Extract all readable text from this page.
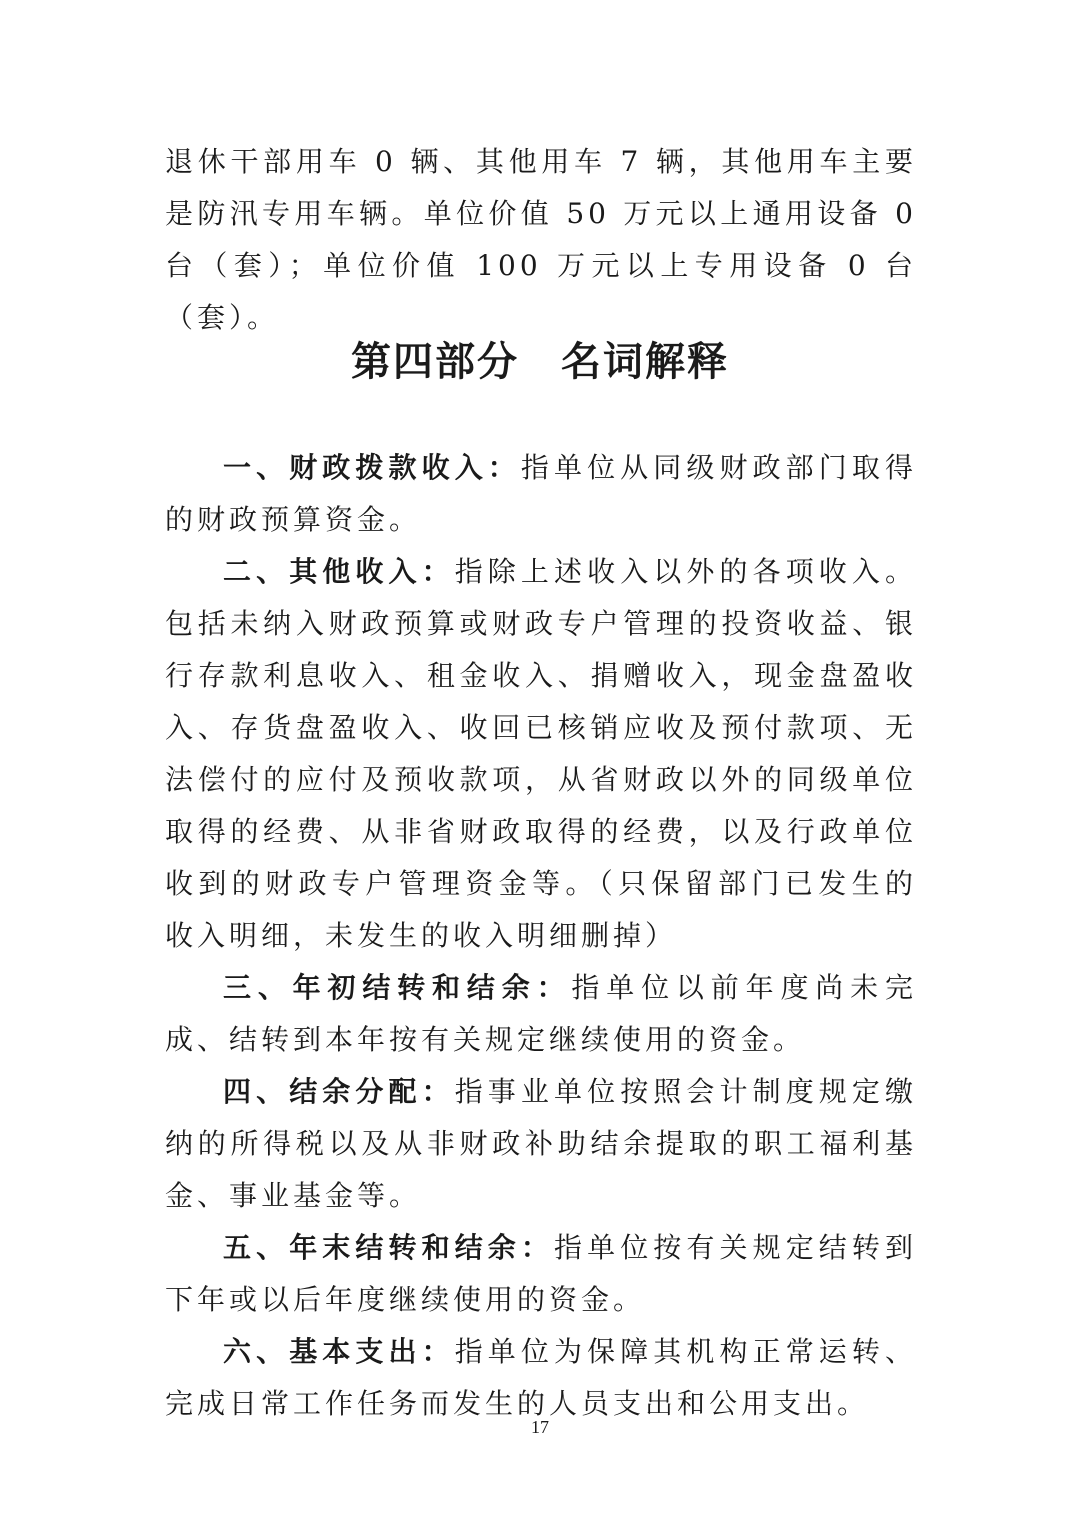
退休干部用车 0 辆、其他用车 7 辆，其他用车主要是防汛专用车辆。单位价值 50 万元以上通用设备 0 台（套）；单位价值 100 万元以上专用设备 0 台（套）。

第四部分　名词解释

一、财政拨款收入：指单位从同级财政部门取得的财政预算资金。

二、其他收入：指除上述收入以外的各项收入。包括未纳入财政预算或财政专户管理的投资收益、银行存款利息收入、租金收入、捐赠收入，现金盘盈收入、存货盘盈收入、收回已核销应收及预付款项、无法偿付的应付及预收款项，从省财政以外的同级单位取得的经费、从非省财政取得的经费，以及行政单位收到的财政专户管理资金等。（只保留部门已发生的收入明细，未发生的收入明细删掉）

三、年初结转和结余：指单位以前年度尚未完成、结转到本年按有关规定继续使用的资金。

四、结余分配：指事业单位按照会计制度规定缴纳的所得税以及从非财政补助结余提取的职工福利基金、事业基金等。

五、年末结转和结余：指单位按有关规定结转到下年或以后年度继续使用的资金。

六、基本支出：指单位为保障其机构正常运转、完成日常工作任务而发生的人员支出和公用支出。

17
